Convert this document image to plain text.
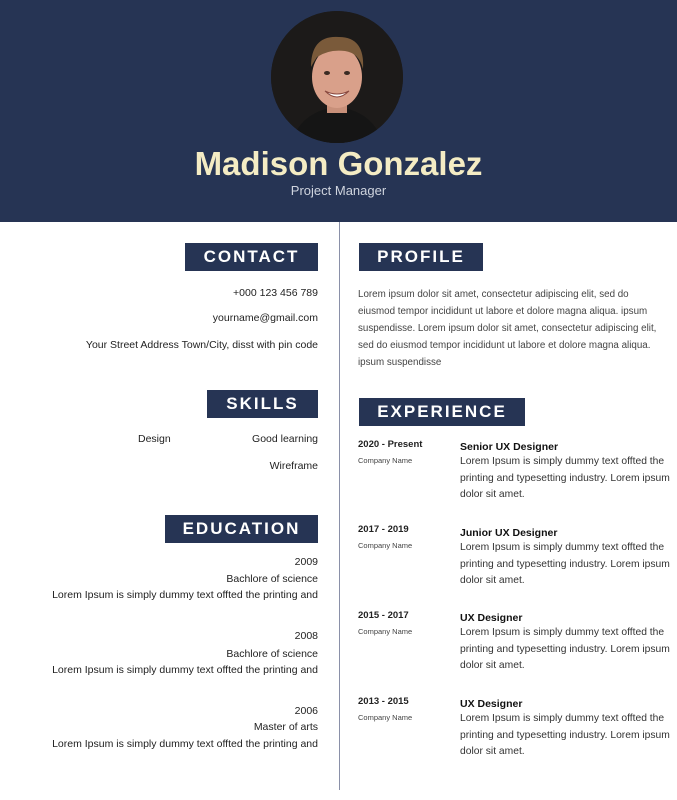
Madison Gonzalez
Project Manager
CONTACT
+000 123 456 789
yourname@gmail.com
Your Street Address Town/City, disst with pin code
SKILLS
Design	Good learning
Wireframe
EDUCATION
2009
Bachlore of science
Lorem Ipsum is simply dummy text offted the printing and
2008
Bachlore of science
Lorem Ipsum is simply dummy text offted the printing and
2006
Master of arts
Lorem Ipsum is simply dummy text offted the printing and
PROFILE
Lorem ipsum dolor sit amet, consectetur adipiscing elit, sed do eiusmod tempor incididunt ut labore et dolore magna aliqua. ipsum suspendisse. Lorem ipsum dolor sit amet, consectetur adipiscing elit, sed do eiusmod tempor incididunt ut labore et dolore magna aliqua. ipsum suspendisse
EXPERIENCE
2020 - Present
Company Name
Senior UX Designer
Lorem Ipsum is simply dummy text offted the printing and typesetting industry. Lorem ipsum dolor sit amet.
2017 - 2019
Company Name
Junior UX Designer
Lorem Ipsum is simply dummy text offted the printing and typesetting industry. Lorem ipsum dolor sit amet.
2015 - 2017
Company Name
UX Designer
Lorem Ipsum is simply dummy text offted the printing and typesetting industry. Lorem ipsum dolor sit amet.
2013 - 2015
Company Name
UX Designer
Lorem Ipsum is simply dummy text offted the printing and typesetting industry. Lorem ipsum dolor sit amet.
